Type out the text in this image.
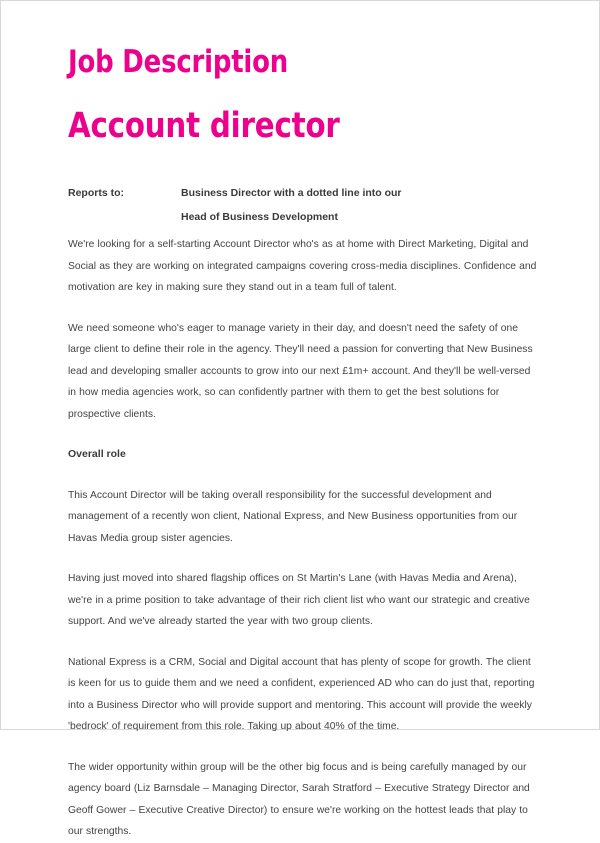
Job Description
Account director
Reports to:	Business Director with a dotted line into our
Head of Business Development

We're looking for a self-starting Account Director who's as at home with Direct Marketing, Digital and Social as they are working on integrated campaigns covering cross-media disciplines. Confidence and motivation are key in making sure they stand out in a team full of talent.

We need someone who's eager to manage variety in their day, and doesn't need the safety of one large client to define their role in the agency. They'll need a passion for converting that New Business lead and developing smaller accounts to grow into our next £1m+ account. And they'll be well-versed in how media agencies work, so can confidently partner with them to get the best solutions for prospective clients.

Overall role

This Account Director will be taking overall responsibility for the successful development and management of a recently won client, National Express, and New Business opportunities from our Havas Media group sister agencies.

Having just moved into shared flagship offices on St Martin's Lane (with Havas Media and Arena), we're in a prime position to take advantage of their rich client list who want our strategic and creative support. And we've already started the year with two group clients.

National Express is a CRM, Social and Digital account that has plenty of scope for growth. The client is keen for us to guide them and we need a confident, experienced AD who can do just that, reporting into a Business Director who will provide support and mentoring. This account will provide the weekly 'bedrock' of requirement from this role. Taking up about 40% of the time.

The wider opportunity within group will be the other big focus and is being carefully managed by our agency board (Liz Barnsdale – Managing Director, Sarah Stratford – Executive Strategy Director and Geoff Gower – Executive Creative Director) to ensure we're working on the hottest leads that play to our strengths.
